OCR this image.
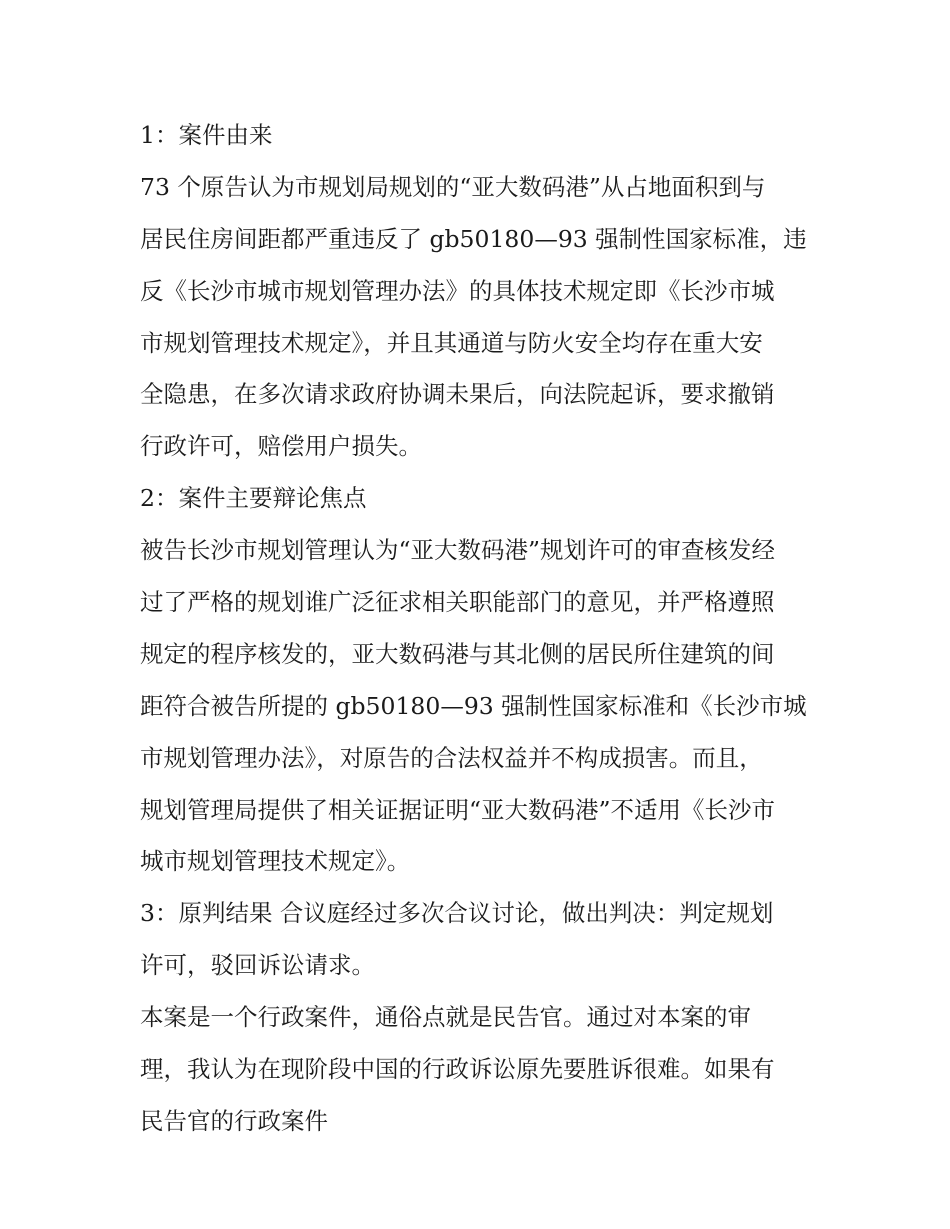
1：案件由来
73 个原告认为市规划局规划的“亚大数码港”从占地面积到与
居民住房间距都严重违反了 gb50180—93 强制性国家标准，违
反《长沙市城市规划管理办法》的具体技术规定即《长沙市城
市规划管理技术规定》，并且其通道与防火安全均存在重大安
全隐患，在多次请求政府协调未果后，向法院起诉，要求撤销
行政许可，赔偿用户损失。
2：案件主要辩论焦点
被告长沙市规划管理认为“亚大数码港”规划许可的审查核发经
过了严格的规划谁广泛征求相关职能部门的意见，并严格遵照
规定的程序核发的，亚大数码港与其北侧的居民所住建筑的间
距符合被告所提的 gb50180—93 强制性国家标准和《长沙市城
市规划管理办法》，对原告的合法权益并不构成损害。而且，
规划管理局提供了相关证据证明“亚大数码港”不适用《长沙市
城市规划管理技术规定》。
3：原判结果 合议庭经过多次合议讨论，做出判决：判定规划
许可，驳回诉讼请求。
本案是一个行政案件，通俗点就是民告官。通过对本案的审
理，我认为在现阶段中国的行政诉讼原先要胜诉很难。如果有
民告官的行政案件
